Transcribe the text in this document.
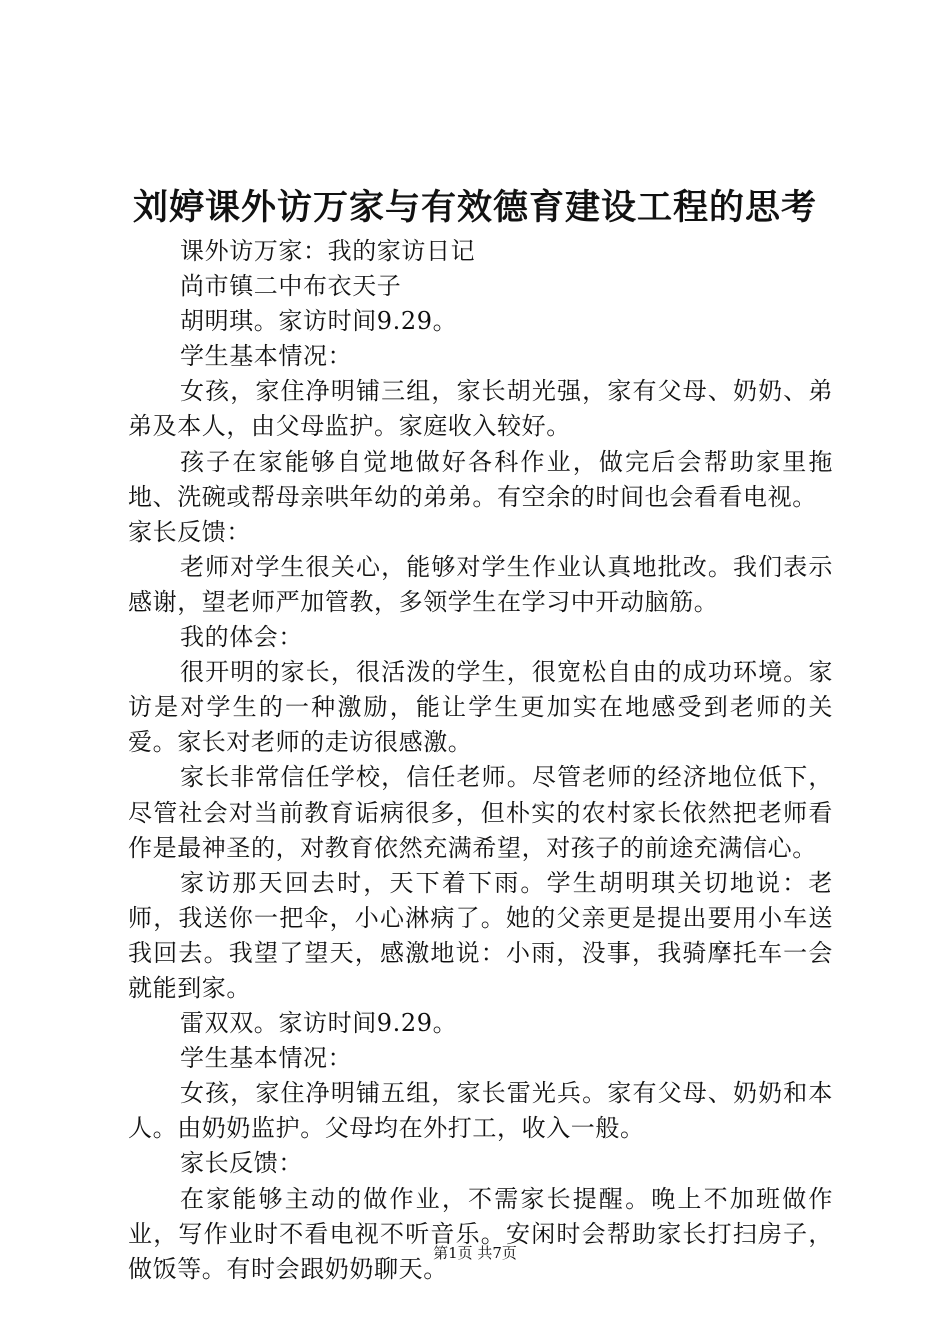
刘婷课外访万家与有效德育建设工程的思考

课外访万家：我的家访日记

尚市镇二中布衣天子

胡明琪。家访时间9.29。

学生基本情况：

女孩，家住净明铺三组，家长胡光强，家有父母、奶奶、弟弟及本人，由父母监护。家庭收入较好。

孩子在家能够自觉地做好各科作业，做完后会帮助家里拖地、洗碗或帮母亲哄年幼的弟弟。有空余的时间也会看看电视。

家长反馈：

老师对学生很关心，能够对学生作业认真地批改。我们表示感谢，望老师严加管教，多领学生在学习中开动脑筋。

我的体会：

很开明的家长，很活泼的学生，很宽松自由的成功环境。家访是对学生的一种激励，能让学生更加实在地感受到老师的关爱。家长对老师的走访很感激。

家长非常信任学校，信任老师。尽管老师的经济地位低下，尽管社会对当前教育诟病很多，但朴实的农村家长依然把老师看作是最神圣的，对教育依然充满希望，对孩子的前途充满信心。

家访那天回去时，天下着下雨。学生胡明琪关切地说：老师，我送你一把伞，小心淋病了。她的父亲更是提出要用小车送我回去。我望了望天，感激地说：小雨，没事，我骑摩托车一会就能到家。

雷双双。家访时间9.29。

学生基本情况：

女孩，家住净明铺五组，家长雷光兵。家有父母、奶奶和本人。由奶奶监护。父母均在外打工，收入一般。

家长反馈：

在家能够主动的做作业，不需家长提醒。晚上不加班做作业，写作业时不看电视不听音乐。安闲时会帮助家长打扫房子，做饭等。有时会跟奶奶聊天。

第1页 共7页
